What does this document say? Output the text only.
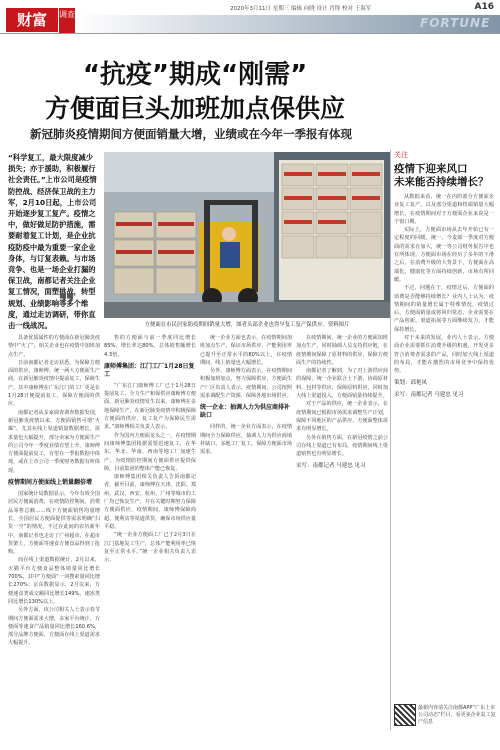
FORTUNE
财富	调查
2020年3月11日 星期三 编辑 向晓 设计 肖锋 校对 王海军	A16
“抗疫”期成“刚需”
方便面巨头加班加点保供应
新冠肺炎疫情期间方便面销量大增，业绩或在今年一季报有体现

“科学复工，最大限度减少损失；亦于援助，积极履行社会责任。”上市公司是疫情防控战、经济保卫战的主力军，2月10日起，上市公司开始逐步复工复产。疫情之中，做好做足防护措施，需要耐着复工计划，是企业抗疫防疫中最为重要一家企业身体，与订复表赖。与市场竞争、也是一场企业打漏的保卫战，南都记者关注企业复工情况，面塑挑战，转型规划、业绩影响等多个维度，通过走访调研，带你直击一线战况。

❞
方便面在市民居家防疫期间销量大增，图者头部企业也得早复工复产保供应。资料图片

具备优质属性的方便面在新冠肺炎疫情中“火了”，相关企业也在疫情中加班加点生产。

日前南都记者走访获悉，为保障方便面的供应，康师傅、统一两大方便面生产商，在新冠肺炎疫情中提前复工，保障生产。其中康师傅在广东江门的工厂更是在1月28日便提前复工，保障方便面的供应。

南都记者从多家调查调查数据发现，新冠肺炎疫情以来，方便面销售可谓“火爆”。尤其在线上渠道销量数据增长，需求量也大幅提升，部分卖家为方便面生产的公司今年一季度业绩有望上升。康师傅方便面提前复工，有望在一季报数据中体现。或在上市公司一季度财务数据有所体现。

疫情期间方便面线上销量翻倍增

国家统计局数据显示，今年有效全国居民方便面消费，在疫情防控期间，消费品零售总额……线下方便面销售均量增长，全国居民方便面提供等需求明确“扫货一空”的情况，不过在此间的农历新年中，南都记者也走访了广州超市，在超市货架上，方便面等速食方便食品得到了抢购。

而在线上渠道数据统计，2月以来，天猫平台方便食品整体销量同比增长700%，其中“方便面”一词搜索量同比增长270%；京东数据显示，2月以来，方便速食类成交额同比增长149%，速冻类同比增长130%以上。

另外方面，该公司相关人士表示春节期间方便面需求大增，多家平台统计，方便面等速食产品销量同比增长160.6%，部分品牌方便面，方便面在线上渠道需求大幅提升。

售的方便面与前一季度同比增长85%，增长率达80%，总体销售额增长4.3倍。

康师傅集团：江门工厂1月28日复工

“广东江门康师傅工厂已于1月28日提前复工，全力生产和保供应康师傅方便面，新冠肺炎疫情发生以来，康师傅在多地保障生产，在新冠肺炎疫情中积极保障方便面的供应，复工复产为保障民生需求。”康师傅相关负责人表示。

作为国内方便面龙头之一，在疫情期间康师傅集团根据需要迅速复工，在华东、华北、华南、西南等地工厂加速生产，为疫情防控期间方便面供应提供保障，目前集团的整体产能已恢复。

康师傅集团相关负责人告诉南都记者，截至目前，康师傅在天津、沈阳、郑州、武汉、西安、杭州、广州等城市的工厂均已恢复生产，并在关键时期努力保障方便面供应。疫情期间，康师傅保障商超、便利店等渠道供货，确保市场供应量平稳。

“统一企业方便面工厂已于2月3日在江门基地复工生产，总体产能利用率已恢复至正常水平。”统一企业相关负责人表示。

统一企业方面也表示，在疫情期间加班加点生产，保证市场供应，产能利用率已提升至正常水平的80%以上，在疫情期间，线上销量也大幅增长。

另外，康师傅方面表示，在疫情期间积极加班加点，努力保障供应，方便面生产厂区负责人表示，疫情期间，公司按照需求调配生产资源，保障各地市场供应。

统一企业：抽调人力为供应商排补缺口

同样的，统一企业方面表示，在疫情期间全力保障供应，抽调人力为供应商填补缺口，多地工厂复工，保障方便面市场需求。

在疫情期间，统一企业的方便面加班加点生产，同时抽调人员支持供应链，在疫情期间保障了原材料的供应，保障方便面生产的持续性。

南都记者了解到，为了对上游供应商的保障，统一企业联合上下游，协调原材料、包材等供应，保障原料供应，同时加大线上渠道投入，方便面销量持续提升。

对于产品的供应，统一企业表示，在疫情期间已根据市场需求调整生产计划，保障不同地区的产品供应，方便面整体需求有明显增长。

另外在销售方面，在新冠疫情之前公司在线上渠道已有布局，疫情期间线上渠道销售也有明显增长。

采写：南都记者 马建忠 见习
关注
疫情下迎来风口
未来能否持续增长？

从数据来看，统一在内的部分方便面企业复工复产，以及部分渠道和终端销量大幅增长，在疫情期间对于方便面企业来说是一个窗口期。

实际上，方便面市场从去年开始已有一定程度的回暖，统一、今麦郎一季度对方便面的需求在加大，统一等公司财务报告中也有所体现。方便面市场在经历了多年的下滑之后，在消费升级的大背景下，方便面在高端化、健康化等方面持续创新，市场有所回暖。

不过，问题在于，疫情过后，方便面的消费是否能够持续增长？业内人士认为，疫情期间的销量增长属于特殊情况，疫情过后，方便面销量或将回归常态，企业需要在产品创新、渠道拓展等方面继续发力，才能保持增长。

对于未来的发展，业内人士表示，方便面企业需要抓住消费升级的机遇，开发更多符合消费者需求的产品，同时加大线上渠道的布局，才能在激烈的市场竞争中保持优势。

策划：邱艳凤
采写：南都记者 马建忠 见习
最新内容请关注南都APP“广东上市公司动态”栏目，看更多企业复工复产信息
